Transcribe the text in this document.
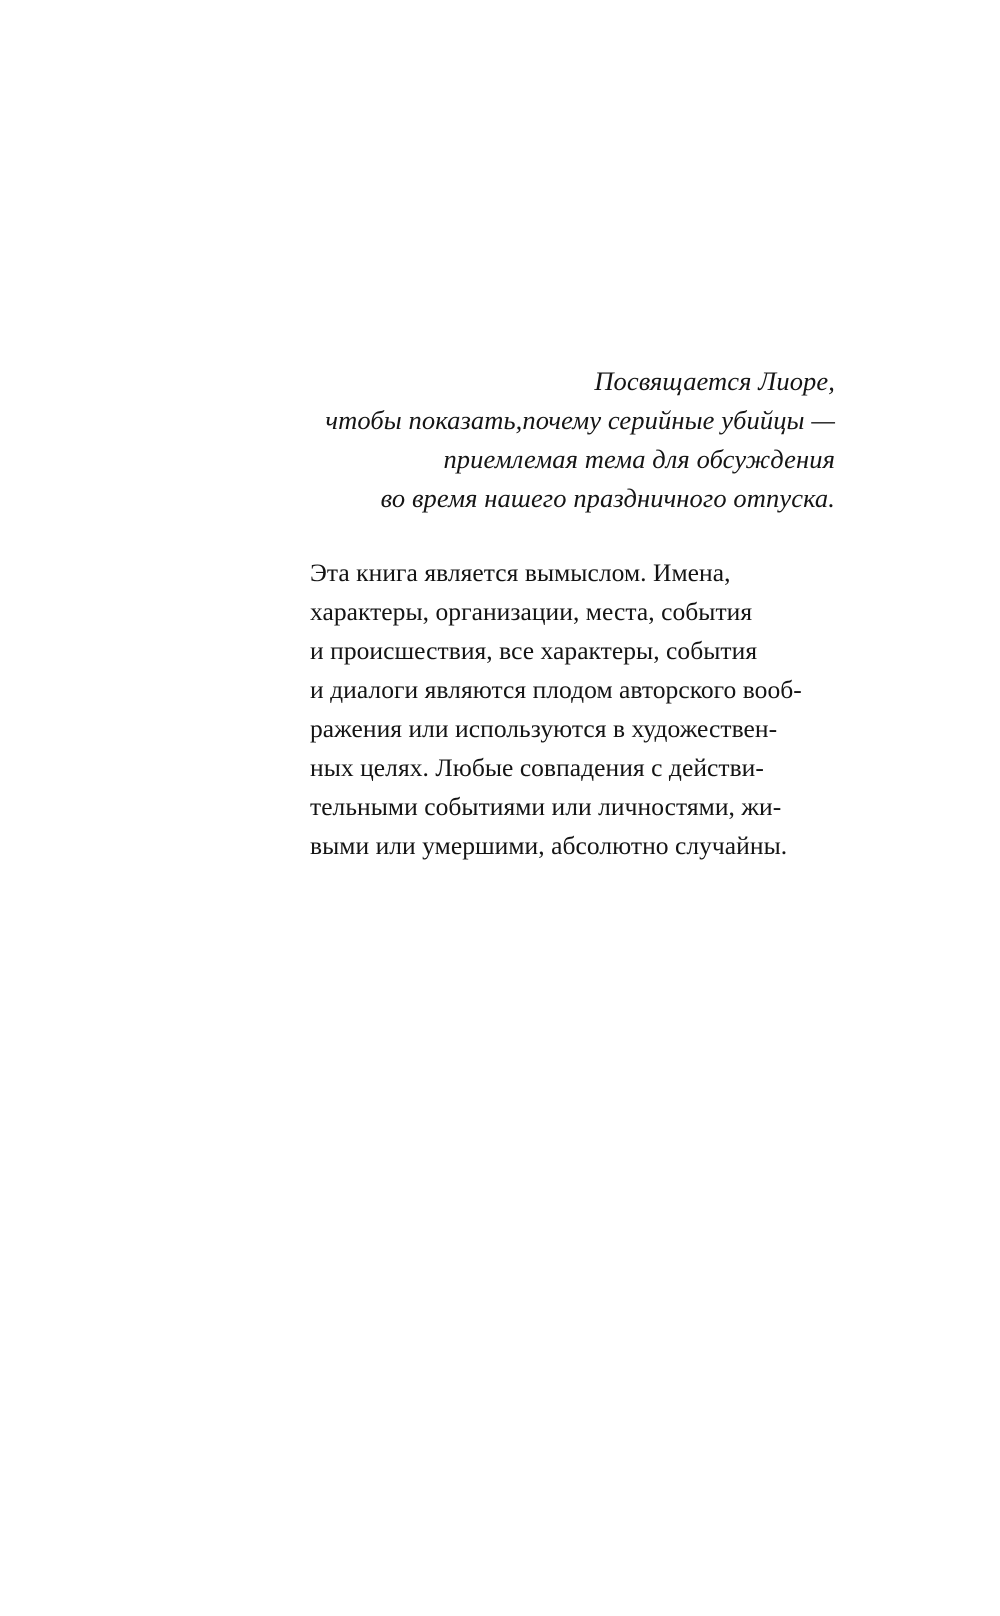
Посвящается Лиоре,
чтобы показать,почему серийные убийцы —
приемлемая тема для обсуждения
во время нашего праздничного отпуска.
Эта книга является вымыслом. Имена,
характеры, организации, места, события
и происшествия, все характеры, события
и диалоги являются плодом авторского вооб-
ражения или используются в художествен-
ных целях. Любые совпадения с действи-
тельными событиями или личностями, жи-
выми или умершими, абсолютно случайны.
